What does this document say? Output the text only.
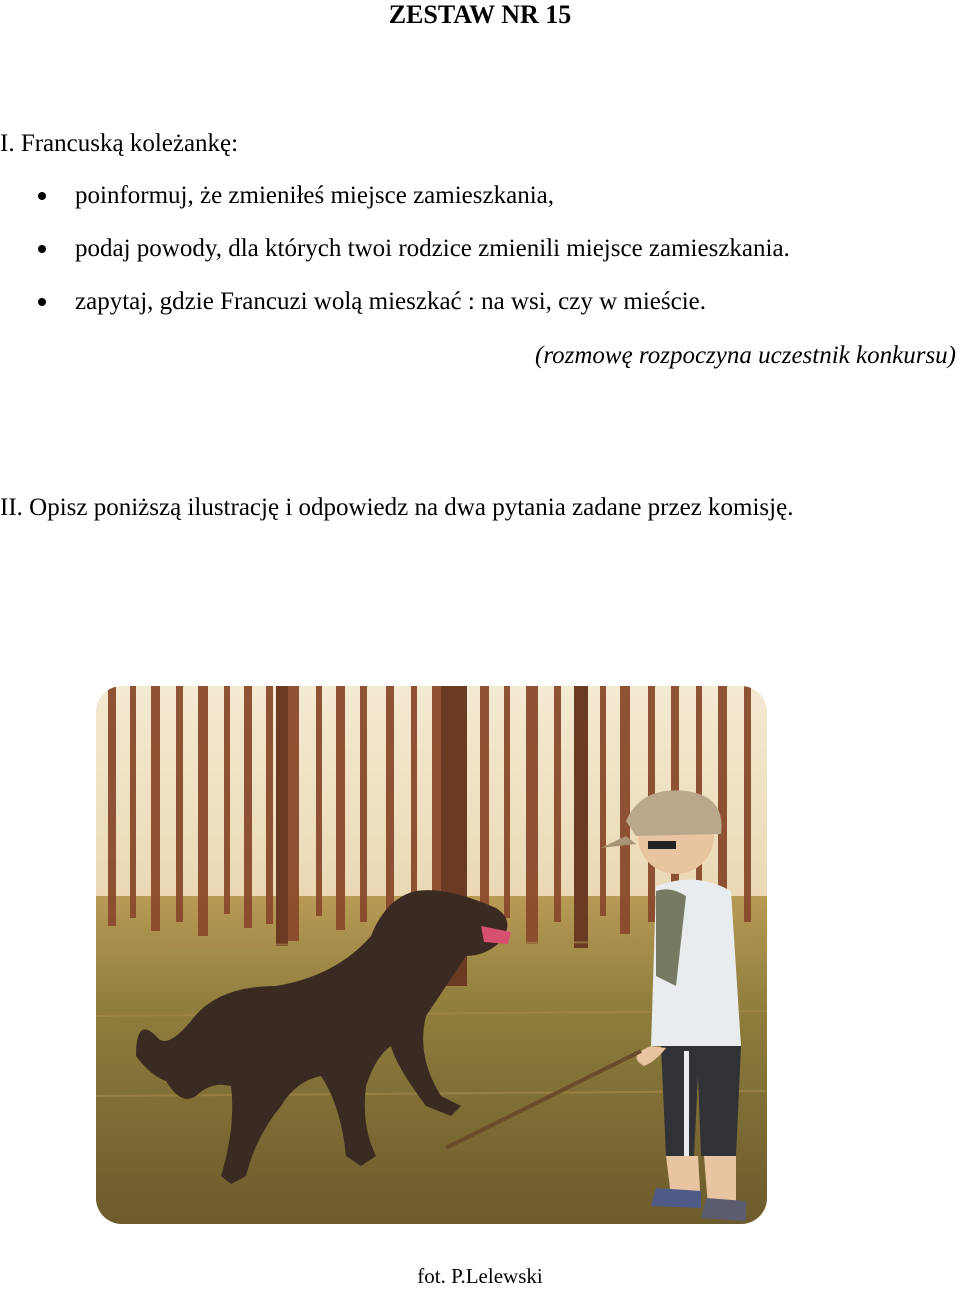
ZESTAW NR 15

I. Francuską koleżankę:

poinformuj, że zmieniłeś miejsce zamieszkania,
podaj powody, dla których twoi rodzice zmienili miejsce zamieszkania.
zapytaj, gdzie Francuzi wolą mieszkać : na wsi, czy w mieście.
(rozmowę rozpoczyna uczestnik konkursu)

II. Opisz poniższą ilustrację i odpowiedz na dwa pytania zadane przez komisję.

fot. P.Lelewski
